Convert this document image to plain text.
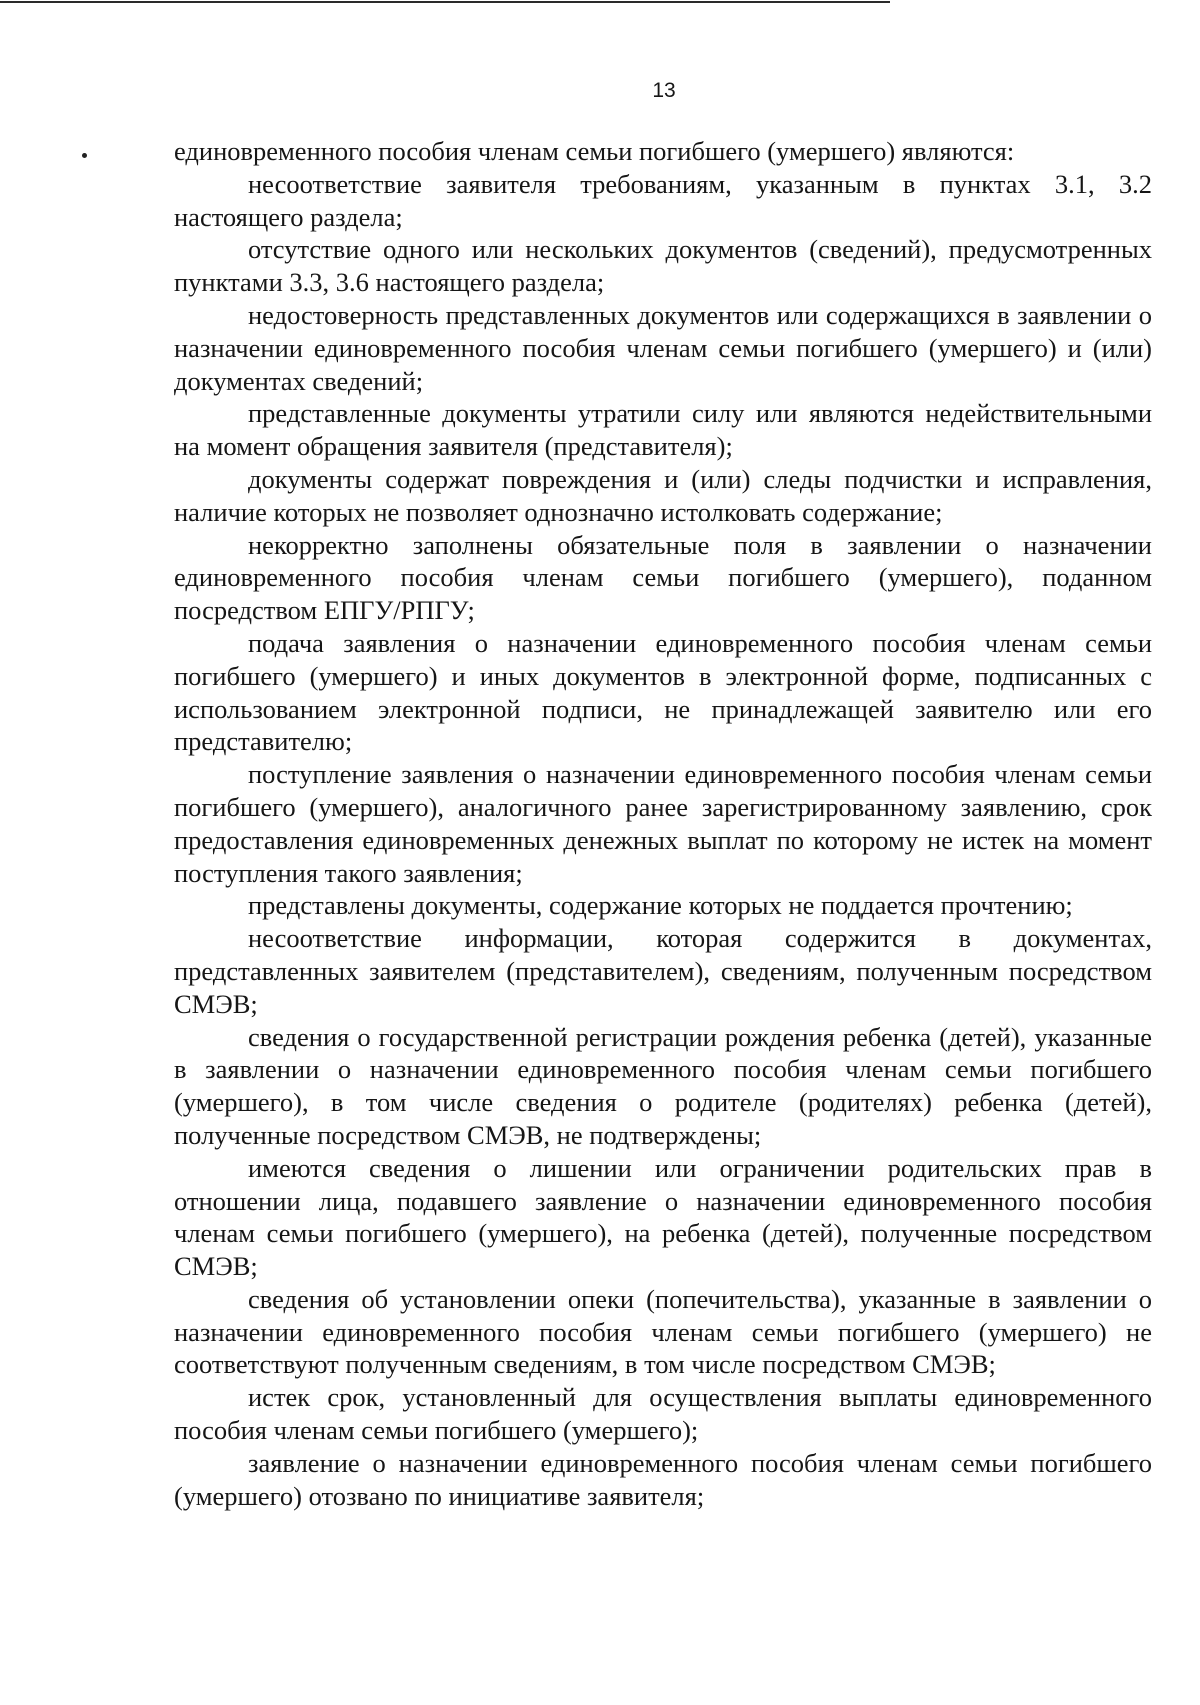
13

единовременного пособия членам семьи погибшего (умершего) являются:

несоответствие заявителя требованиям, указанным в пунктах 3.1, 3.2 настоящего раздела;

отсутствие одного или нескольких документов (сведений), предусмотренных пунктами 3.3, 3.6 настоящего раздела;

недостоверность представленных документов или содержащихся в заявлении о назначении единовременного пособия членам семьи погибшего (умершего) и (или) документах сведений;

представленные документы утратили силу или являются недействительными на момент обращения заявителя (представителя);

документы содержат повреждения и (или) следы подчистки и исправления, наличие которых не позволяет однозначно истолковать содержание;

некорректно заполнены обязательные поля в заявлении о назначении единовременного пособия членам семьи погибшего (умершего), поданном посредством ЕПГУ/РПГУ;

подача заявления о назначении единовременного пособия членам семьи погибшего (умершего) и иных документов в электронной форме, подписанных с использованием электронной подписи, не принадлежащей заявителю или его представителю;

поступление заявления о назначении единовременного пособия членам семьи погибшего (умершего), аналогичного ранее зарегистрированному заявлению, срок предоставления единовременных денежных выплат по которому не истек на момент поступления такого заявления;

представлены документы, содержание которых не поддается прочтению;

несоответствие информации, которая содержится в документах, представленных заявителем (представителем), сведениям, полученным посредством СМЭВ;

сведения о государственной регистрации рождения ребенка (детей), указанные в заявлении о назначении единовременного пособия членам семьи погибшего (умершего), в том числе сведения о родителе (родителях) ребенка (детей), полученные посредством СМЭВ, не подтверждены;

имеются сведения о лишении или ограничении родительских прав в отношении лица, подавшего заявление о назначении единовременного пособия членам семьи погибшего (умершего), на ребенка (детей), полученные посредством СМЭВ;

сведения об установлении опеки (попечительства), указанные в заявлении о назначении единовременного пособия членам семьи погибшего (умершего) не соответствуют полученным сведениям, в том числе посредством СМЭВ;

истек срок, установленный для осуществления выплаты единовременного пособия членам семьи погибшего (умершего);

заявление о назначении единовременного пособия членам семьи погибшего (умершего) отозвано по инициативе заявителя;
